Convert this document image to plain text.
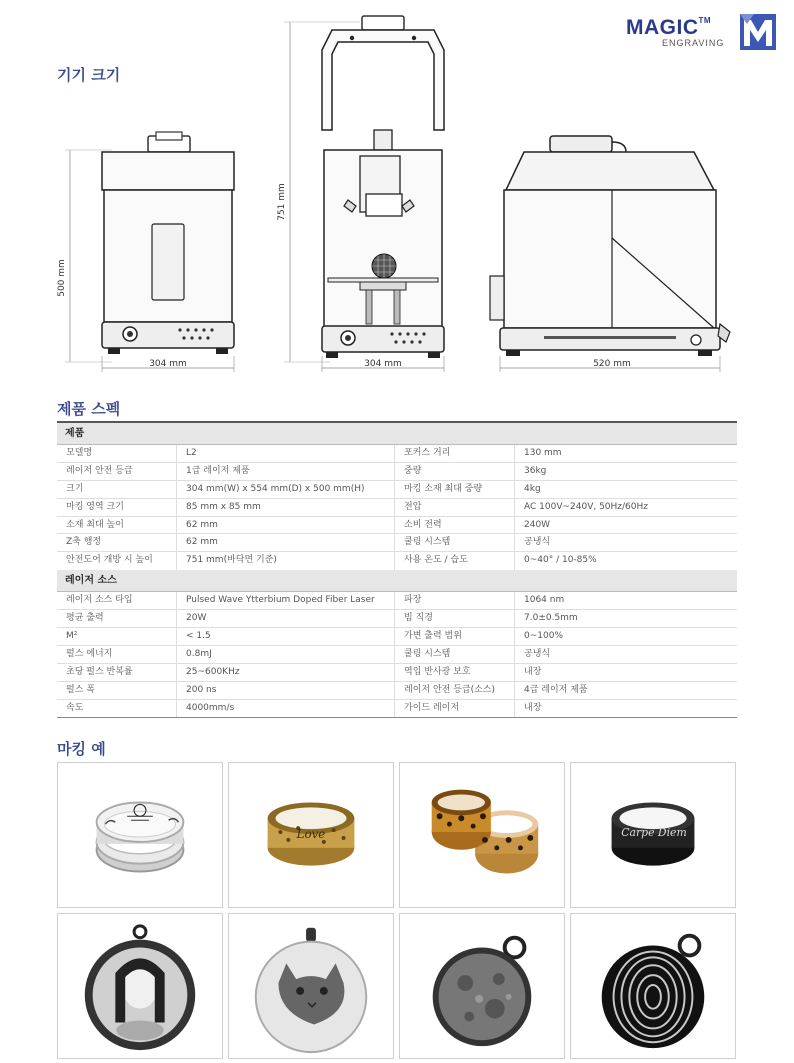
MAGIC™
ENGRAVING
기기 크기
500 mm
304 mm
751 mm
304 mm	520 mm
제품 스펙
제품
모델명	L2	포커스 거리	130 mm
레이저 안전 등급	1급 레이저 제품	중량	36kg
크기	304 mm(W) x 554 mm(D) x 500 mm(H)	마킹 소재 최대 중량	4kg
마킹 영역 크기	85 mm x 85 mm	전압	AC 100V~240V, 50Hz/60Hz
소재 최대 높이	62 mm	소비 전력	240W
Z축 행정	62 mm	쿨링 시스템	공냉식
안전도어 개방 시 높이	751 mm(바닥면 기준)	사용 온도 / 습도	0~40° / 10-85%
레이저 소스
레이저 소스 타입	Pulsed Wave Ytterbium Doped Fiber Laser	파장	1064 nm
평균 출력	20W	빔 직경	7.0±0.5mm
M²	< 1.5	가변 출력 범위	0~100%
펄스 에너지	0.8mJ	쿨링 시스템	공냉식
초당 펄스 반복률	25~600KHz	역입 반사광 보호	내장
펄스 폭	200 ns	레이저 안전 등급(소스)	4급 레이저 제품
속도	4000mm/s	가이드 레이저	내장
마킹 예
Love	Carpe Diem
